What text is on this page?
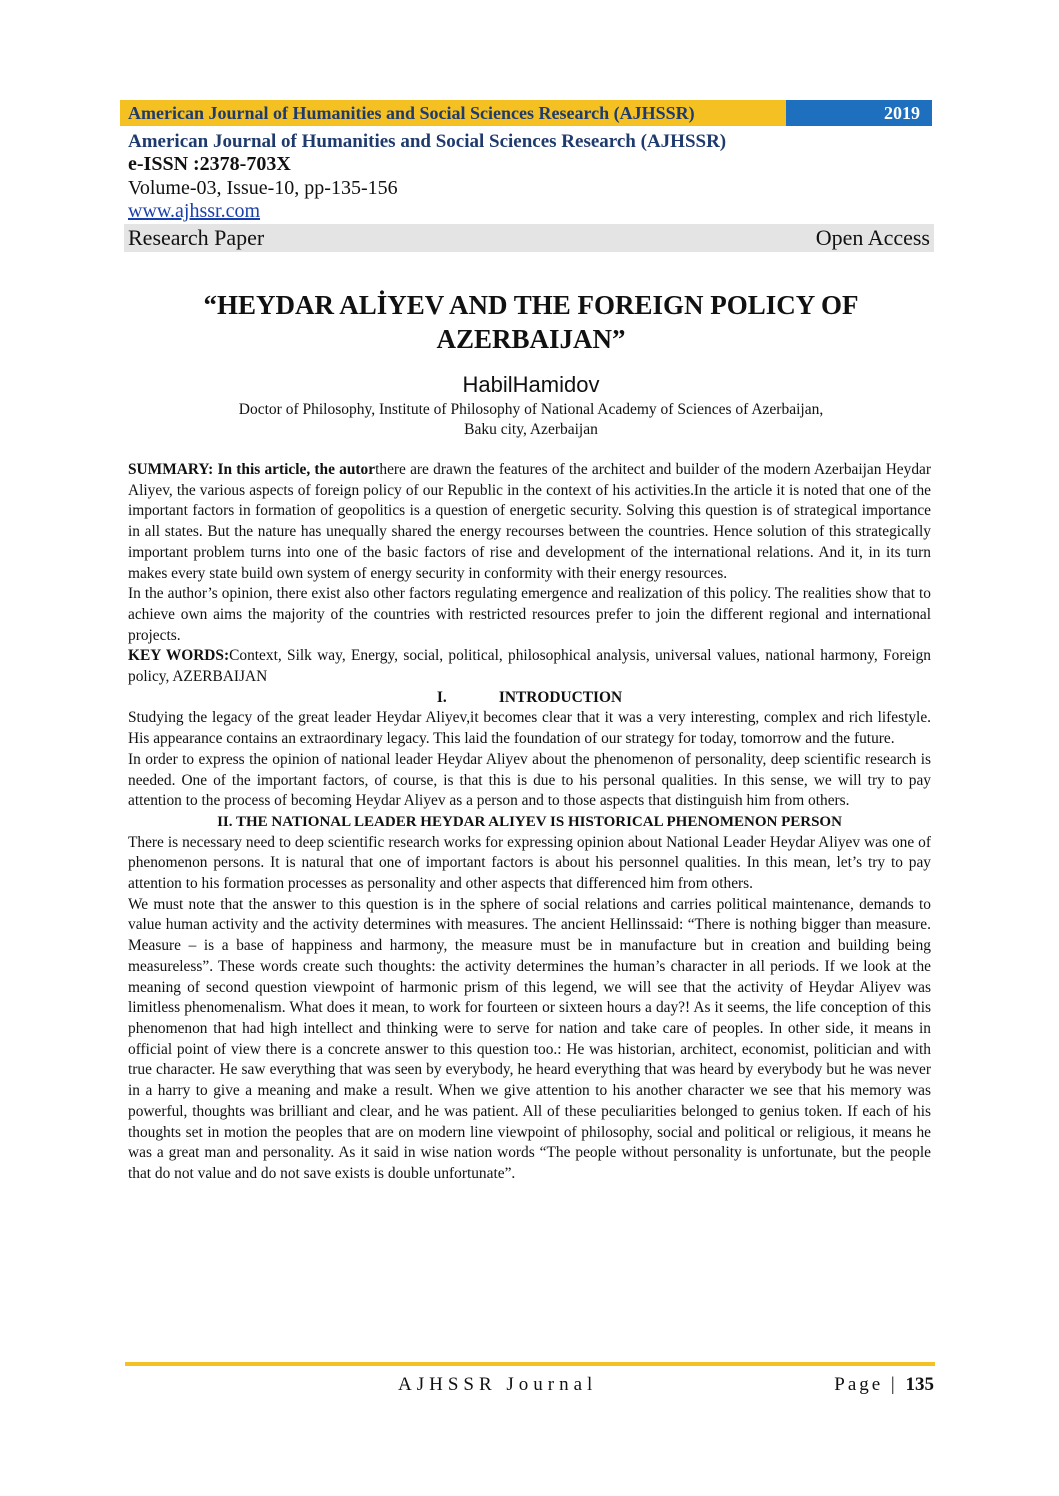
American Journal of Humanities and Social Sciences Research (AJHSSR)	2019
American Journal of Humanities and Social Sciences Research (AJHSSR)
e-ISSN :2378-703X
Volume-03, Issue-10, pp-135-156
www.ajhssr.com
Research Paper	Open Access
“HEYDAR ALİYEV AND THE FOREIGN POLICY OF
AZERBAIJAN”
HabilHamidov
Doctor of Philosophy, Institute of Philosophy of National Academy of Sciences of Azerbaijan,
Baku city, Azerbaijan

SUMMARY: In this article, the autorthere are drawn the features of the architect and builder of the modern Azerbaijan Heydar Aliyev, the various aspects of foreign policy of our Republic in the context of his activities.In the article it is noted that one of the important factors in formation of geopolitics is a question of energetic security. Solving this question is of strategical importance in all states. But the nature has unequally shared the energy recourses between the countries. Hence solution of this strategically important problem turns into one of the basic factors of rise and development of the international relations. And it, in its turn makes every state build own system of energy security in conformity with their energy resources.

In the author’s opinion, there exist also other factors regulating emergence and realization of this policy. The realities show that to achieve own aims the majority of the countries with restricted resources prefer to join the different regional and international projects.

KEY WORDS:Context, Silk way, Energy, social, political, philosophical analysis, universal values, national harmony, Foreign policy, AZERBAIJAN

I.	INTRODUCTION

Studying the legacy of the great leader Heydar Aliyev,it becomes clear that it was a very interesting, complex and rich lifestyle. His appearance contains an extraordinary legacy. This laid the foundation of our strategy for today, tomorrow and the future.

In order to express the opinion of national leader Heydar Aliyev about the phenomenon of personality, deep scientific research is needed. One of the important factors, of course, is that this is due to his personal qualities. In this sense, we will try to pay attention to the process of becoming Heydar Aliyev as a person and to those aspects that distinguish him from others.

II. THE NATIONAL LEADER HEYDAR ALIYEV IS HISTORICAL PHENOMENON PERSON

There is necessary need to deep scientific research works for expressing opinion about National Leader Heydar Aliyev was one of phenomenon persons. It is natural that one of important factors is about his personnel qualities. In this mean, let’s try to pay attention to his formation processes as personality and other aspects that differenced him from others.

We must note that the answer to this question is in the sphere of social relations and carries political maintenance, demands to value human activity and the activity determines with measures. The ancient Hellinssaid: “There is nothing bigger than measure. Measure – is a base of happiness and harmony, the measure must be in manufacture but in creation and building being measureless”. These words create such thoughts: the activity determines the human’s character in all periods. If we look at the meaning of second question viewpoint of harmonic prism of this legend, we will see that the activity of Heydar Aliyev was limitless phenomenalism. What does it mean, to work for fourteen or sixteen hours a day?! As it seems, the life conception of this phenomenon that had high intellect and thinking were to serve for nation and take care of peoples. In other side, it means in official point of view there is a concrete answer to this question too.: He was historian, architect, economist, politician and with true character. He saw everything that was seen by everybody, he heard everything that was heard by everybody but he was never in a harry to give a meaning and make a result. When we give attention to his another character we see that his memory was powerful, thoughts was brilliant and clear, and he was patient. All of these peculiarities belonged to genius token. If each of his thoughts set in motion the peoples that are on modern line viewpoint of philosophy, social and political or religious, it means he was a great man and personality. As it said in wise nation words “The people without personality is unfortunate, but the people that do not value and do not save exists is double unfortunate”.

AJHSSR Journal	Page | 135
